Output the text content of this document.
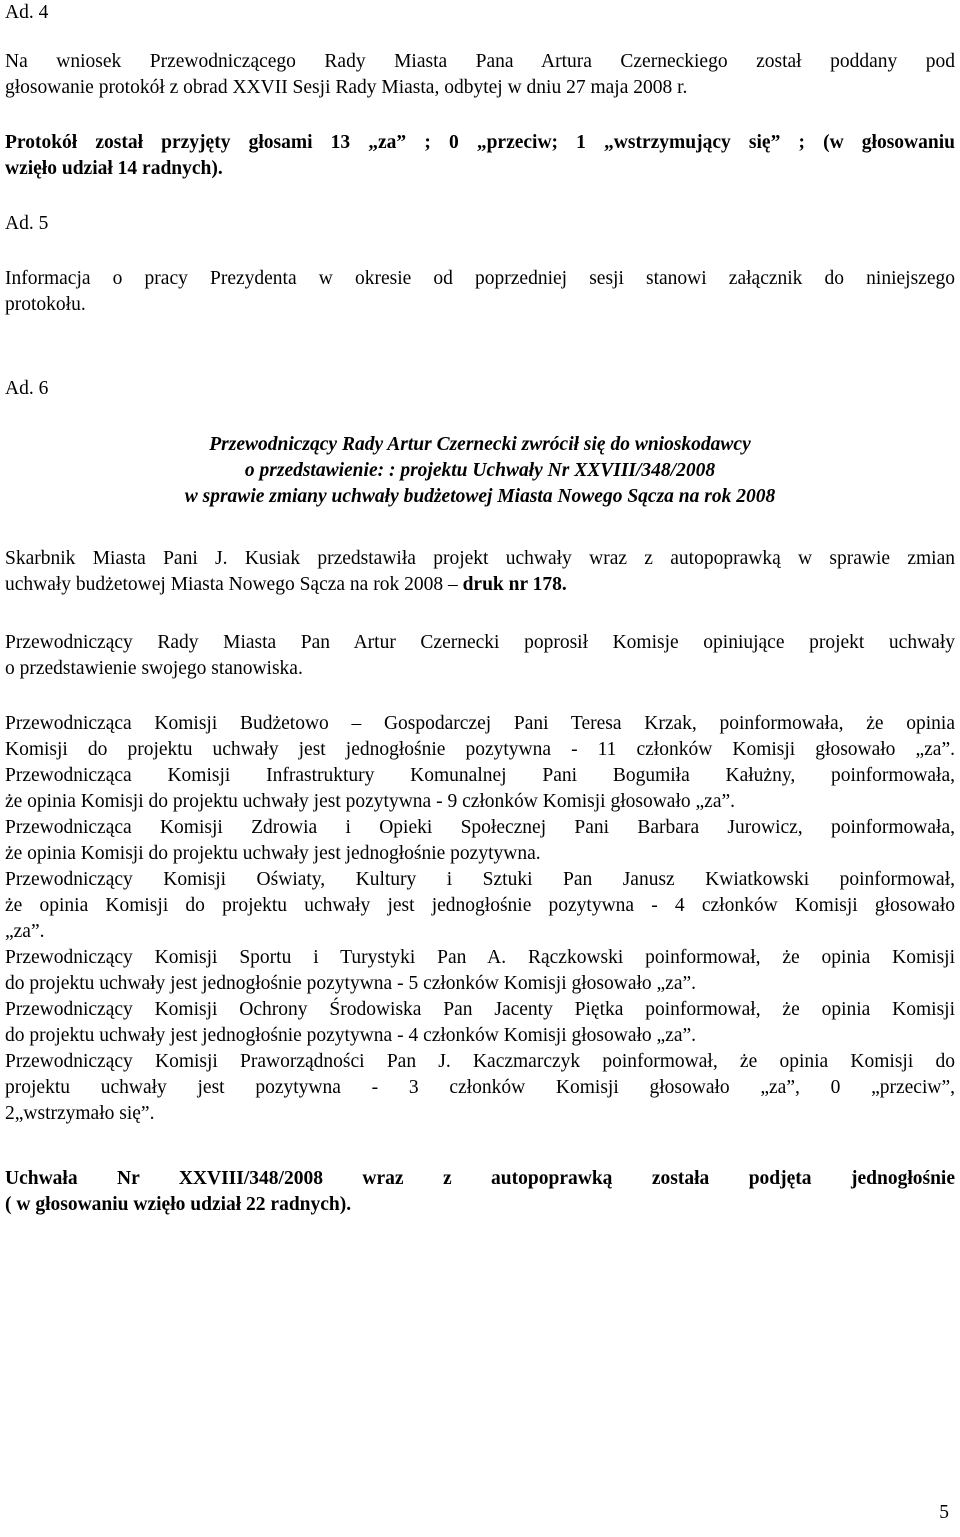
Ad. 4
Na wniosek Przewodniczącego Rady Miasta Pana Artura Czerneckiego został poddany pod
głosowanie protokół z obrad XXVII Sesji Rady Miasta, odbytej w dniu 27 maja 2008 r.
Protokół został przyjęty głosami 13 „za” ; 0 „przeciw; 1 „wstrzymujący się” ; (w głosowaniu
wzięło udział 14 radnych).
Ad. 5
Informacja o pracy Prezydenta w okresie od poprzedniej sesji stanowi załącznik do niniejszego
protokołu.
Ad. 6
Przewodniczący Rady Artur Czernecki zwrócił się do wnioskodawcy
o przedstawienie: : projektu Uchwały Nr XXVIII/348/2008
w sprawie zmiany uchwały budżetowej Miasta Nowego Sącza na rok 2008
Skarbnik Miasta Pani J. Kusiak przedstawiła projekt uchwały wraz z autopoprawką w sprawie zmian
uchwały budżetowej Miasta Nowego Sącza na rok 2008 – druk nr 178.
Przewodniczący Rady Miasta Pan Artur Czernecki poprosił Komisje opiniujące projekt uchwały
o przedstawienie swojego stanowiska.
Przewodnicząca Komisji Budżetowo – Gospodarczej Pani Teresa Krzak, poinformowała, że opinia
Komisji do projektu uchwały jest jednogłośnie pozytywna - 11 członków Komisji głosowało „za”.
Przewodnicząca Komisji Infrastruktury Komunalnej Pani Bogumiła Kałużny, poinformowała,
że opinia Komisji do projektu uchwały jest pozytywna - 9 członków Komisji głosowało „za”.
Przewodnicząca Komisji Zdrowia i Opieki Społecznej Pani Barbara Jurowicz, poinformowała,
że opinia Komisji do projektu uchwały jest jednogłośnie pozytywna.
Przewodniczący Komisji Oświaty, Kultury i Sztuki Pan Janusz Kwiatkowski poinformował,
że opinia Komisji do projektu uchwały jest jednogłośnie pozytywna - 4 członków Komisji głosowało
„za”.
Przewodniczący Komisji Sportu i Turystyki Pan A. Rączkowski poinformował, że opinia Komisji
do projektu uchwały jest jednogłośnie pozytywna - 5 członków Komisji głosowało „za”.
Przewodniczący Komisji Ochrony Środowiska Pan Jacenty Piętka poinformował, że opinia Komisji
do projektu uchwały jest jednogłośnie pozytywna - 4 członków Komisji głosowało „za”.
Przewodniczący Komisji Praworządności Pan J. Kaczmarczyk poinformował, że opinia Komisji do
projektu uchwały jest pozytywna - 3 członków Komisji głosowało „za”, 0 „przeciw”,
2„wstrzymało się”.
Uchwała Nr XXVIII/348/2008 wraz z autopoprawką została podjęta jednogłośnie
( w głosowaniu wzięło udział 22 radnych).
5
